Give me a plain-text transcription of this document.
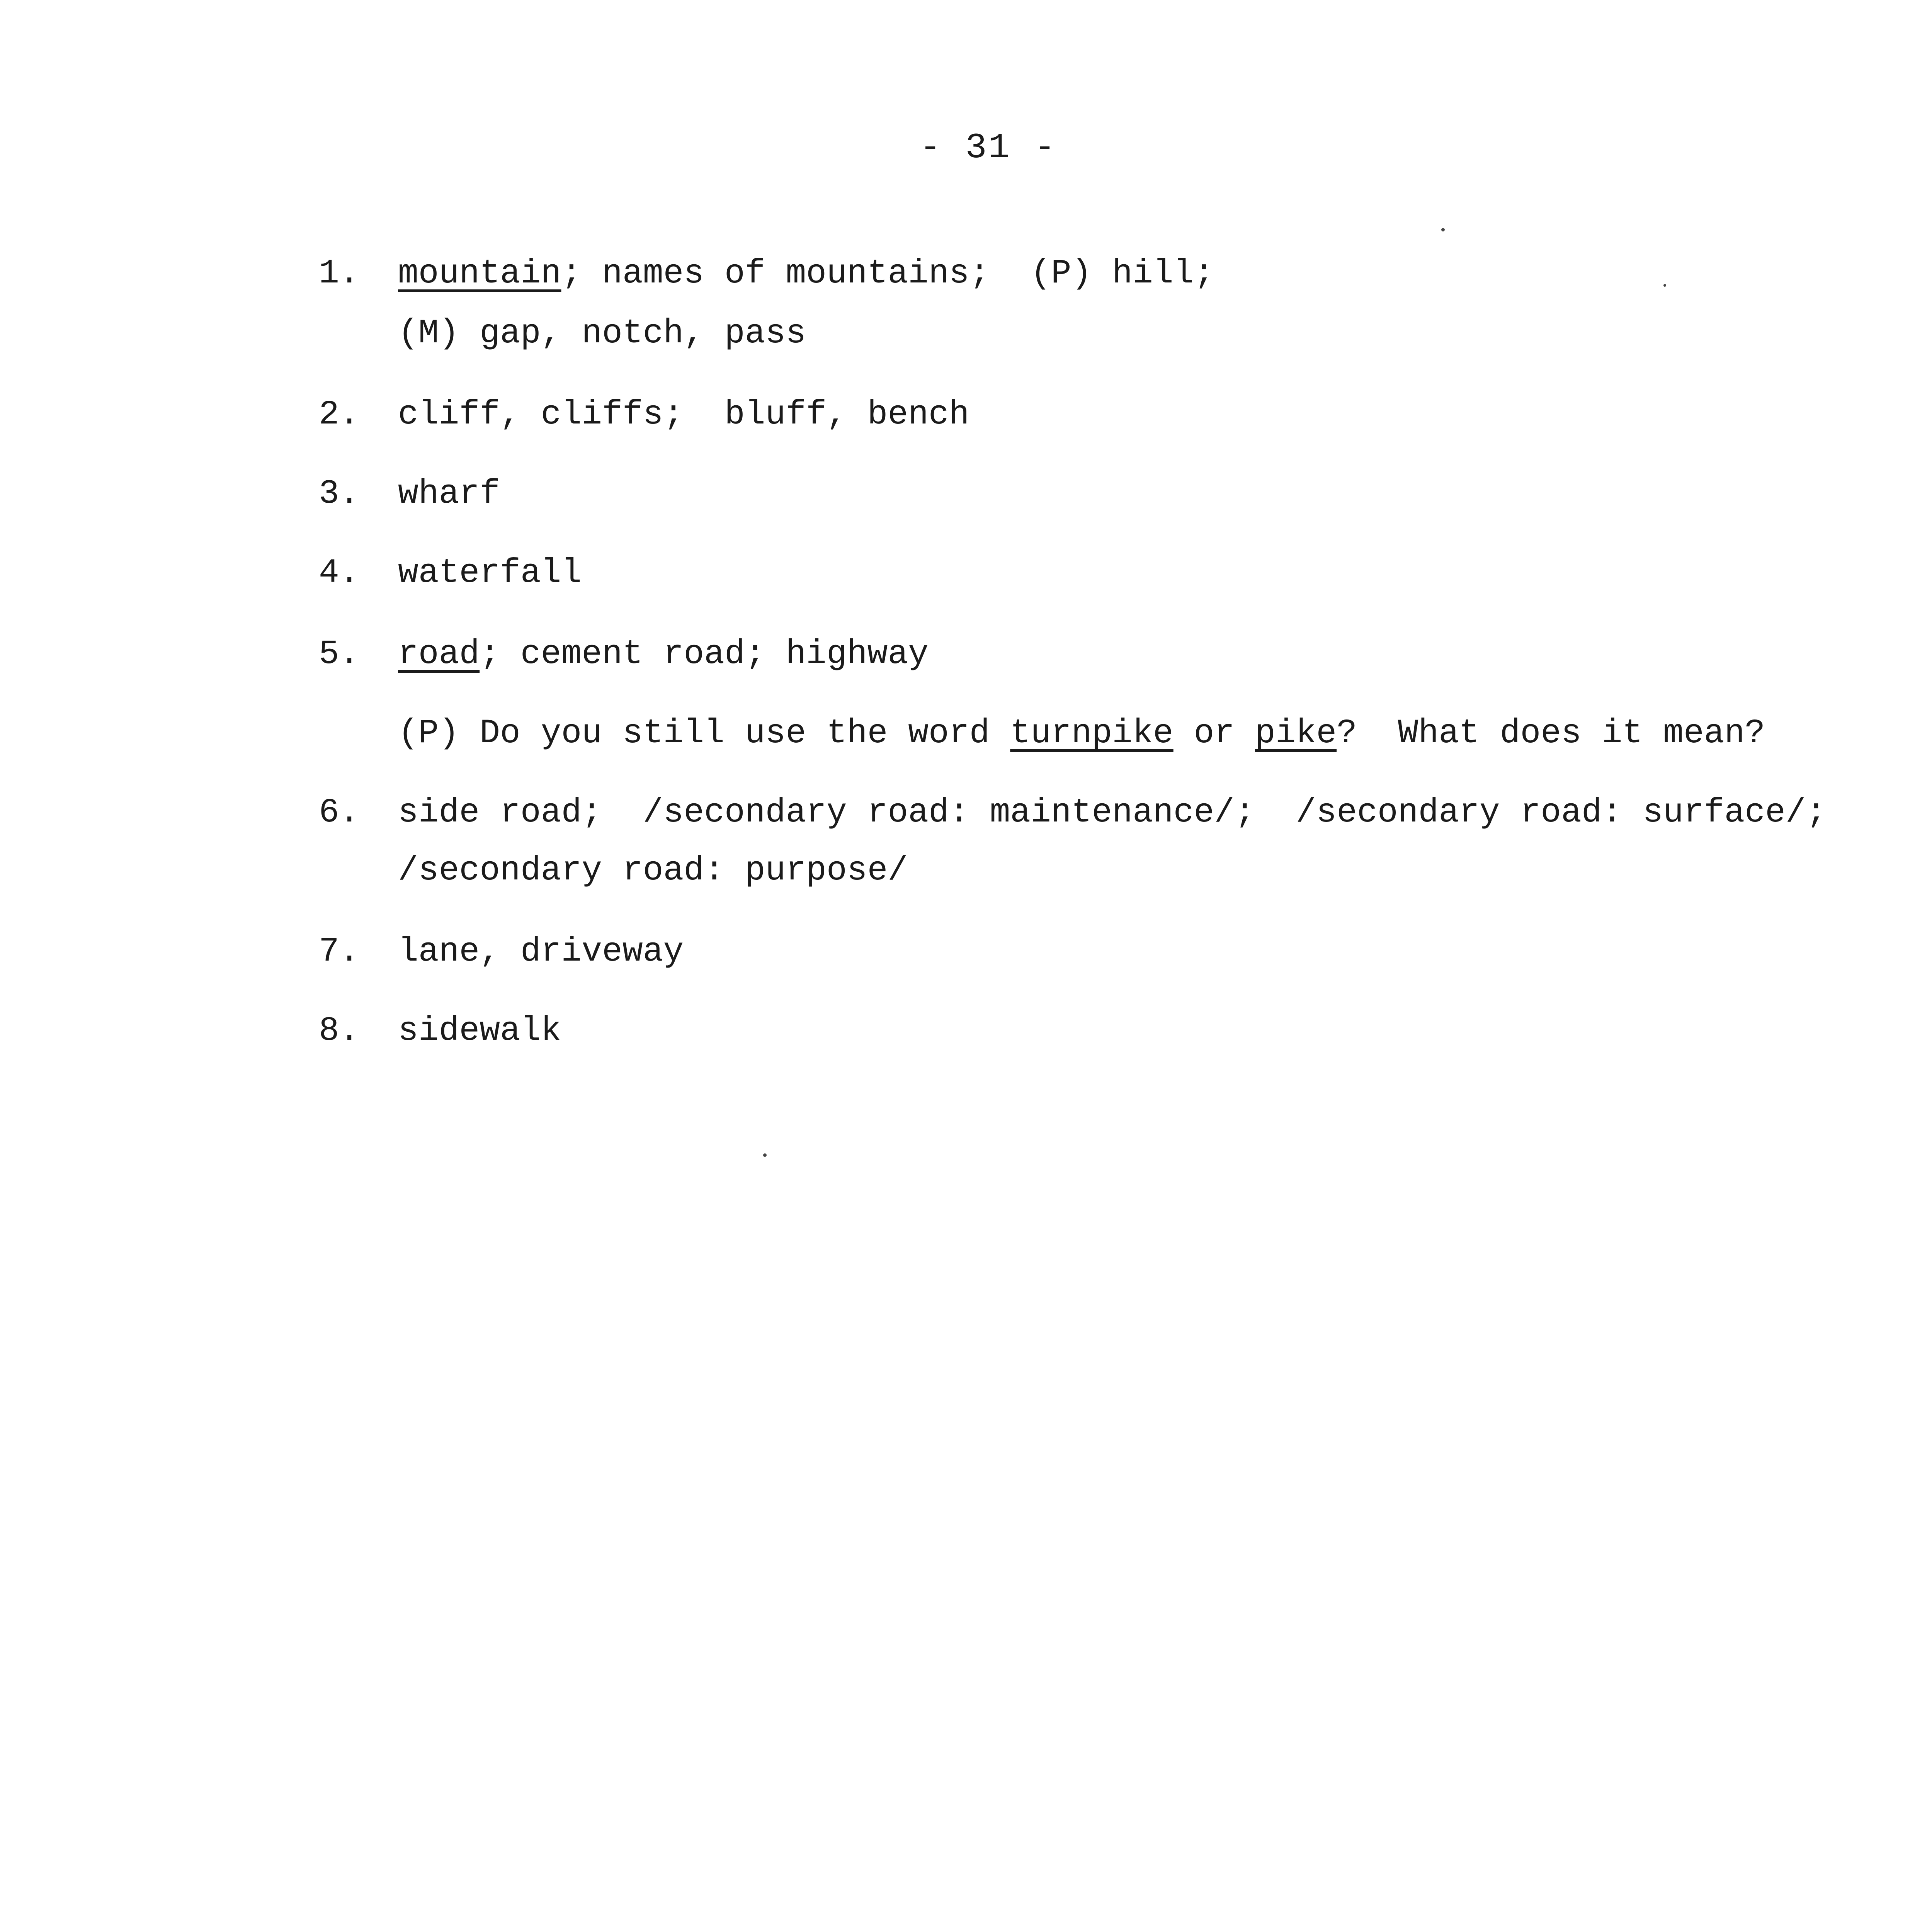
- 31 -
1. mountain; names of mountains;  (P) hill;
(M) gap, notch, pass
2. cliff, cliffs;  bluff, bench
3. wharf
4. waterfall
5. road; cement road; highway
(P) Do you still use the word turnpike or pike?  What does it mean?
6. side road;  /secondary road: maintenance/;  /secondary road: surface/;
/secondary road: purpose/
7. lane, driveway
8. sidewalk
